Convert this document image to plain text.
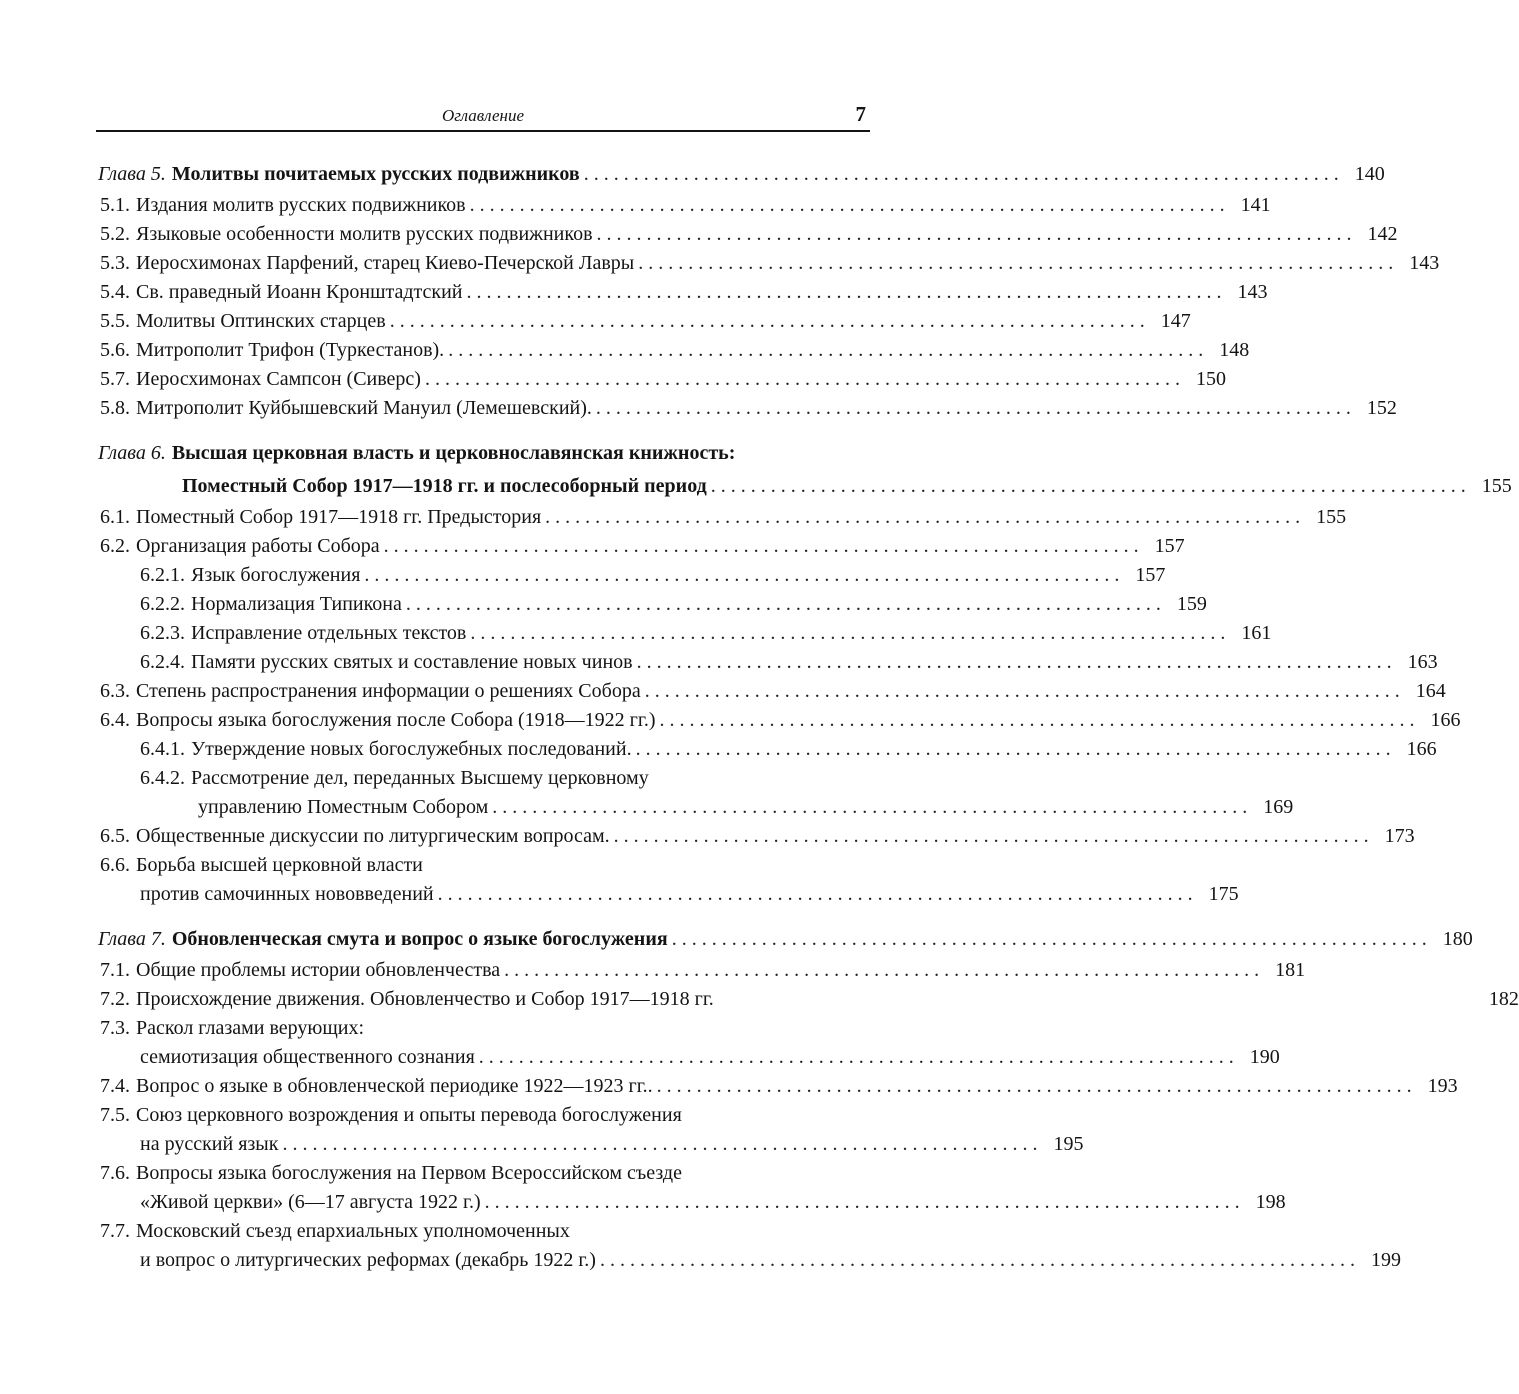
Оглавление	7
Глава 5. Молитвы почитаемых русских подвижников . . .	140
5.1. Издания молитв русских подвижников . . .	141
5.2. Языковые особенности молитв русских подвижников . . .	142
5.3. Иеросхимонах Парфений, старец Киево-Печерской Лавры . . .	143
5.4. Св. праведный Иоанн Кронштадтский . . .	143
5.5. Молитвы Оптинских старцев . . .	147
5.6. Митрополит Трифон (Туркестанов). . . .	148
5.7. Иеросхимонах Сампсон (Сиверс) . . .	150
5.8. Митрополит Куйбышевский Мануил (Лемешевский). . . .	152
Глава 6. Высшая церковная власть и церковнославянская книжность:
Поместный Собор 1917—1918 гг. и послесоборный период . . .	155
6.1. Поместный Собор 1917—1918 гг. Предыстория . . .	155
6.2. Организация работы Собора . . .	157
6.2.1. Язык богослужения . . .	157
6.2.2. Нормализация Типикона . . .	159
6.2.3. Исправление отдельных текстов . . .	161
6.2.4. Памяти русских святых и составление новых чинов . . .	163
6.3. Степень распространения информации о решениях Собора . . .	164
6.4. Вопросы языка богослужения после Собора (1918—1922 гг.) . . .	166
6.4.1. Утверждение новых богослужебных последований. . . .	166
6.4.2. Рассмотрение дел, переданных Высшему церковному
управлению Поместным Собором . . .	169
6.5. Общественные дискуссии по литургическим вопросам. . . .	173
6.6. Борьба высшей церковной власти
против самочинных нововведений . . .	175
Глава 7. Обновленческая смута и вопрос о языке богослужения . . .	180
7.1. Общие проблемы истории обновленчества . . .	181
7.2. Происхождение движения. Обновленчество и Собор 1917—1918 гг.	182
7.3. Раскол глазами верующих:
семиотизация общественного сознания . . .	190
7.4. Вопрос о языке в обновленческой периодике 1922—1923 гг.. . . .	193
7.5. Союз церковного возрождения и опыты перевода богослужения
на русский язык . . .	195
7.6. Вопросы языка богослужения на Первом Всероссийском съезде
«Живой церкви» (6—17 августа 1922 г.) . . .	198
7.7. Московский съезд епархиальных уполномоченных
и вопрос о литургических реформах (декабрь 1922 г.) . . .	199
